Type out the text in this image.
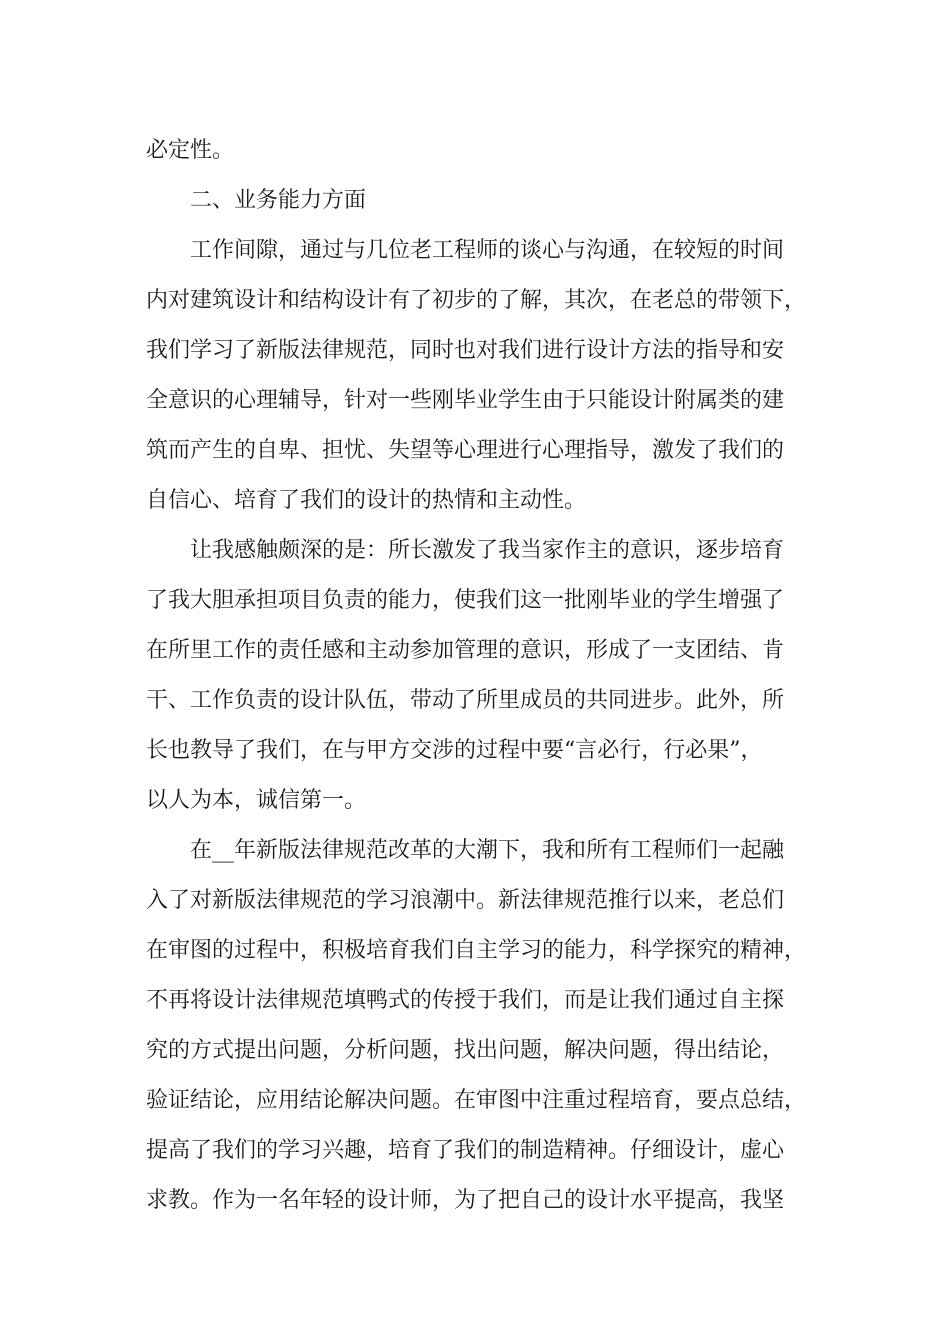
必定性。
二、业务能力方面
工作间隙，通过与几位老工程师的谈心与沟通，在较短的时间
内对建筑设计和结构设计有了初步的了解，其次，在老总的带领下，
我们学习了新版法律规范，同时也对我们进行设计方法的指导和安
全意识的心理辅导，针对一些刚毕业学生由于只能设计附属类的建
筑而产生的自卑、担忧、失望等心理进行心理指导，激发了我们的
自信心、培育了我们的设计的热情和主动性。
让我感触颇深的是：所长激发了我当家作主的意识，逐步培育
了我大胆承担项目负责的能力，使我们这一批刚毕业的学生增强了
在所里工作的责任感和主动参加管理的意识，形成了一支团结、肯
干、工作负责的设计队伍，带动了所里成员的共同进步。此外，所
长也教导了我们，在与甲方交涉的过程中要“言必行，行必果”，
以人为本，诚信第一。
在__年新版法律规范改革的大潮下，我和所有工程师们一起融
入了对新版法律规范的学习浪潮中。新法律规范推行以来，老总们
在审图的过程中，积极培育我们自主学习的能力，科学探究的精神，
不再将设计法律规范填鸭式的传授于我们，而是让我们通过自主探
究的方式提出问题，分析问题，找出问题，解决问题，得出结论，
验证结论，应用结论解决问题。在审图中注重过程培育，要点总结，
提高了我们的学习兴趣，培育了我们的制造精神。仔细设计，虚心
求教。作为一名年轻的设计师，为了把自己的设计水平提高，我坚
